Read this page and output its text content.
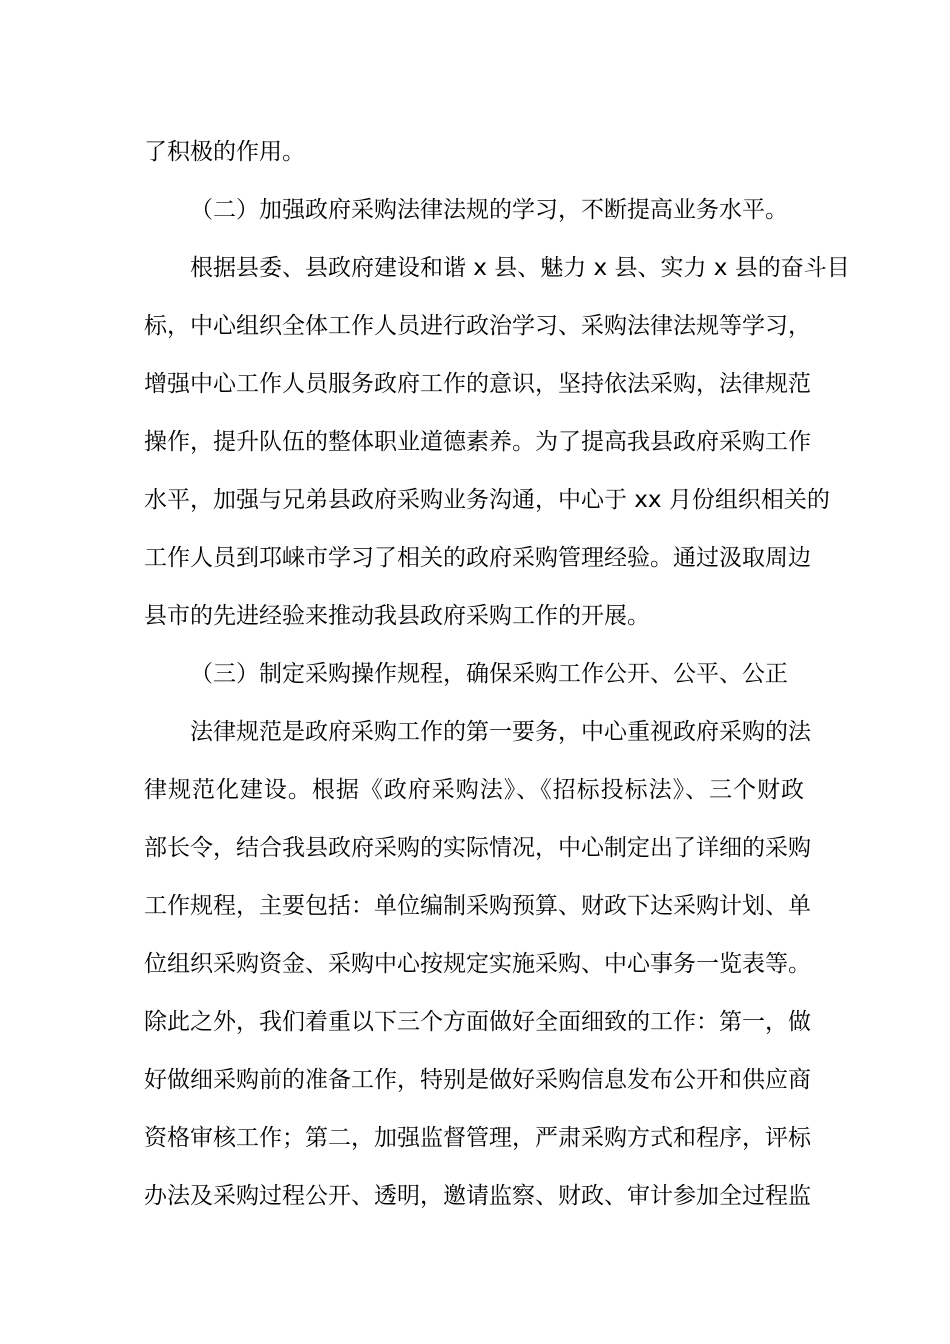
了积极的作用。
（二）加强政府采购法律法规的学习，不断提高业务水平。
根据县委、县政府建设和谐 x 县、魅力 x 县、实力 x 县的奋斗目
标，中心组织全体工作人员进行政治学习、采购法律法规等学习，
增强中心工作人员服务政府工作的意识，坚持依法采购，法律规范
操作，提升队伍的整体职业道德素养。为了提高我县政府采购工作
水平，加强与兄弟县政府采购业务沟通，中心于 xx 月份组织相关的
工作人员到邛崃市学习了相关的政府采购管理经验。通过汲取周边
县市的先进经验来推动我县政府采购工作的开展。
（三）制定采购操作规程，确保采购工作公开、公平、公正
法律规范是政府采购工作的第一要务，中心重视政府采购的法
律规范化建设。根据《政府采购法》、《招标投标法》、三个财政
部长令，结合我县政府采购的实际情况，中心制定出了详细的采购
工作规程，主要包括：单位编制采购预算、财政下达采购计划、单
位组织采购资金、采购中心按规定实施采购、中心事务一览表等。
除此之外，我们着重以下三个方面做好全面细致的工作：第一，做
好做细采购前的准备工作，特别是做好采购信息发布公开和供应商
资格审核工作；第二，加强监督管理，严肃采购方式和程序，评标
办法及采购过程公开、透明，邀请监察、财政、审计参加全过程监
